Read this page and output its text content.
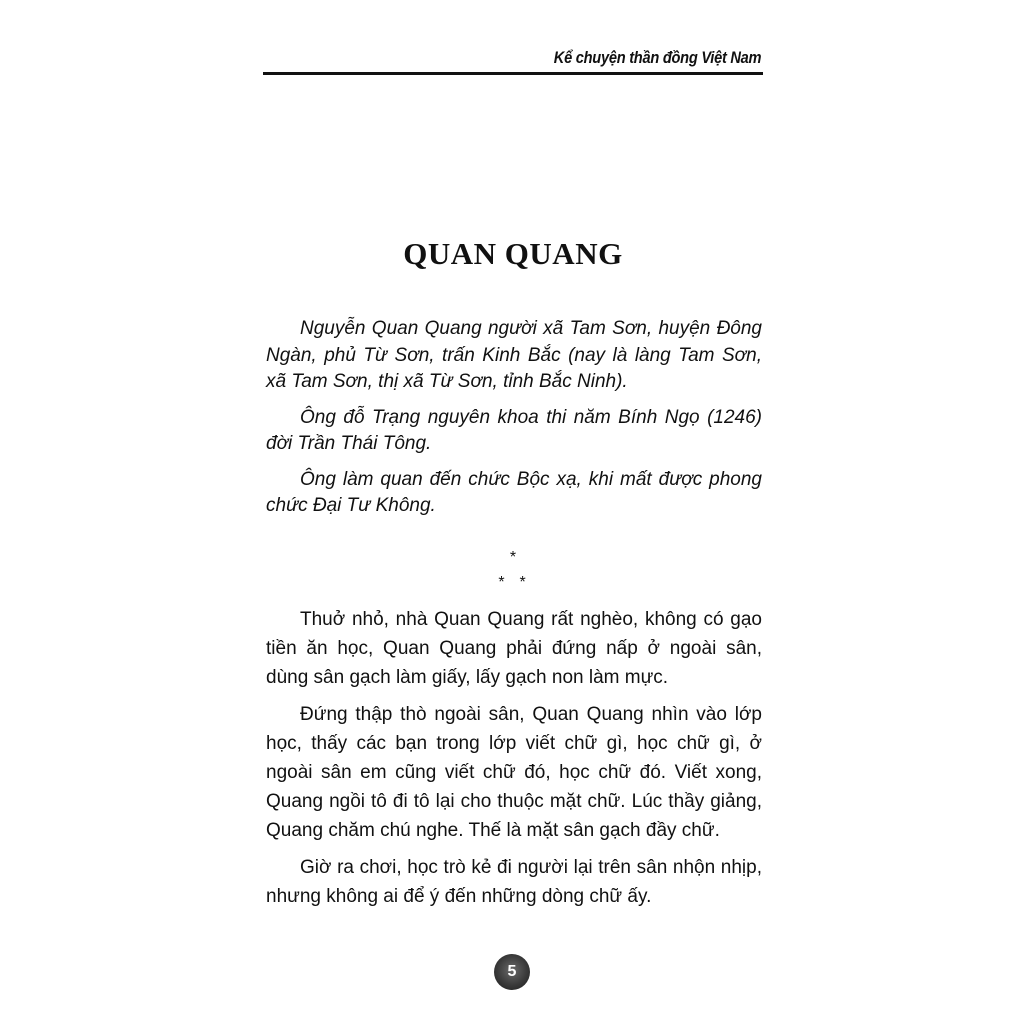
Kể chuyện thần đồng Việt Nam
QUAN QUANG

Nguyễn Quan Quang người xã Tam Sơn, huyện Đông Ngàn, phủ Từ Sơn, trấn Kinh Bắc (nay là làng Tam Sơn, xã Tam Sơn, thị xã Từ Sơn, tỉnh Bắc Ninh).

Ông đỗ Trạng nguyên khoa thi năm Bính Ngọ (1246) đời Trần Thái Tông.

Ông làm quan đến chức Bộc xạ, khi mất được phong chức Đại Tư Không.

*
*  *

Thuở nhỏ, nhà Quan Quang rất nghèo, không có gạo tiền ăn học, Quan Quang phải đứng nấp ở ngoài sân, dùng sân gạch làm giấy, lấy gạch non làm mực.

Đứng thập thò ngoài sân, Quan Quang nhìn vào lớp học, thấy các bạn trong lớp viết chữ gì, học chữ gì, ở ngoài sân em cũng viết chữ đó, học chữ đó. Viết xong, Quang ngồi tô đi tô lại cho thuộc mặt chữ. Lúc thầy giảng, Quang chăm chú nghe. Thế là mặt sân gạch đầy chữ.

Giờ ra chơi, học trò kẻ đi người lại trên sân nhộn nhịp, nhưng không ai để ý đến những dòng chữ ấy.

5
